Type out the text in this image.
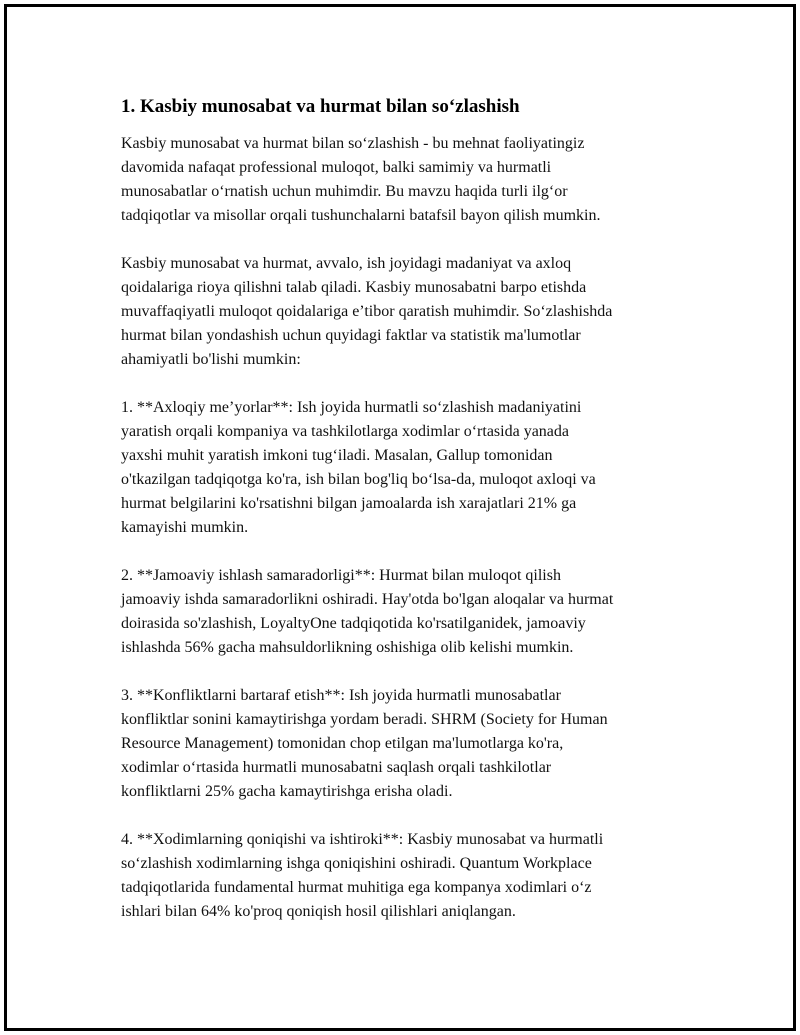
1. Kasbiy munosabat va hurmat bilan so‘zlashish

Kasbiy munosabat va hurmat bilan so‘zlashish - bu mehnat faoliyatingiz
davomida nafaqat professional muloqot, balki samimiy va hurmatli
munosabatlar o‘rnatish uchun muhimdir. Bu mavzu haqida turli ilg‘or
tadqiqotlar va misollar orqali tushunchalarni batafsil bayon qilish mumkin.

Kasbiy munosabat va hurmat, avvalo, ish joyidagi madaniyat va axloq
qoidalariga rioya qilishni talab qiladi. Kasbiy munosabatni barpo etishda
muvaffaqiyatli muloqot qoidalariga e’tibor qaratish muhimdir. So‘zlashishda
hurmat bilan yondashish uchun quyidagi faktlar va statistik ma'lumotlar
ahamiyatli bo'lishi mumkin:

1. **Axloqiy me’yorlar**: Ish joyida hurmatli so‘zlashish madaniyatini
yaratish orqali kompaniya va tashkilotlarga xodimlar o‘rtasida yanada
yaxshi muhit yaratish imkoni tug‘iladi. Masalan, Gallup tomonidan
o'tkazilgan tadqiqotga ko'ra, ish bilan bog'liq bo‘lsa-da, muloqot axloqi va
hurmat belgilarini ko'rsatishni bilgan jamoalarda ish xarajatlari 21% ga
kamayishi mumkin.

2. **Jamoaviy ishlash samaradorligi**: Hurmat bilan muloqot qilish
jamoaviy ishda samaradorlikni oshiradi. Hay'otda bo'lgan aloqalar va hurmat
doirasida so'zlashish, LoyaltyOne tadqiqotida ko'rsatilganidek, jamoaviy
ishlashda 56% gacha mahsuldorlikning oshishiga olib kelishi mumkin.

3. **Konfliktlarni bartaraf etish**: Ish joyida hurmatli munosabatlar
konfliktlar sonini kamaytirishga yordam beradi. SHRM (Society for Human
Resource Management) tomonidan chop etilgan ma'lumotlarga ko'ra,
xodimlar o‘rtasida hurmatli munosabatni saqlash orqali tashkilotlar
konfliktlarni 25% gacha kamaytirishga erisha oladi.

4. **Xodimlarning qoniqishi va ishtiroki**: Kasbiy munosabat va hurmatli
so‘zlashish xodimlarning ishga qoniqishini oshiradi. Quantum Workplace
tadqiqotlarida fundamental hurmat muhitiga ega kompanya xodimlari o‘z
ishlari bilan 64% ko'proq qoniqish hosil qilishlari aniqlangan.
